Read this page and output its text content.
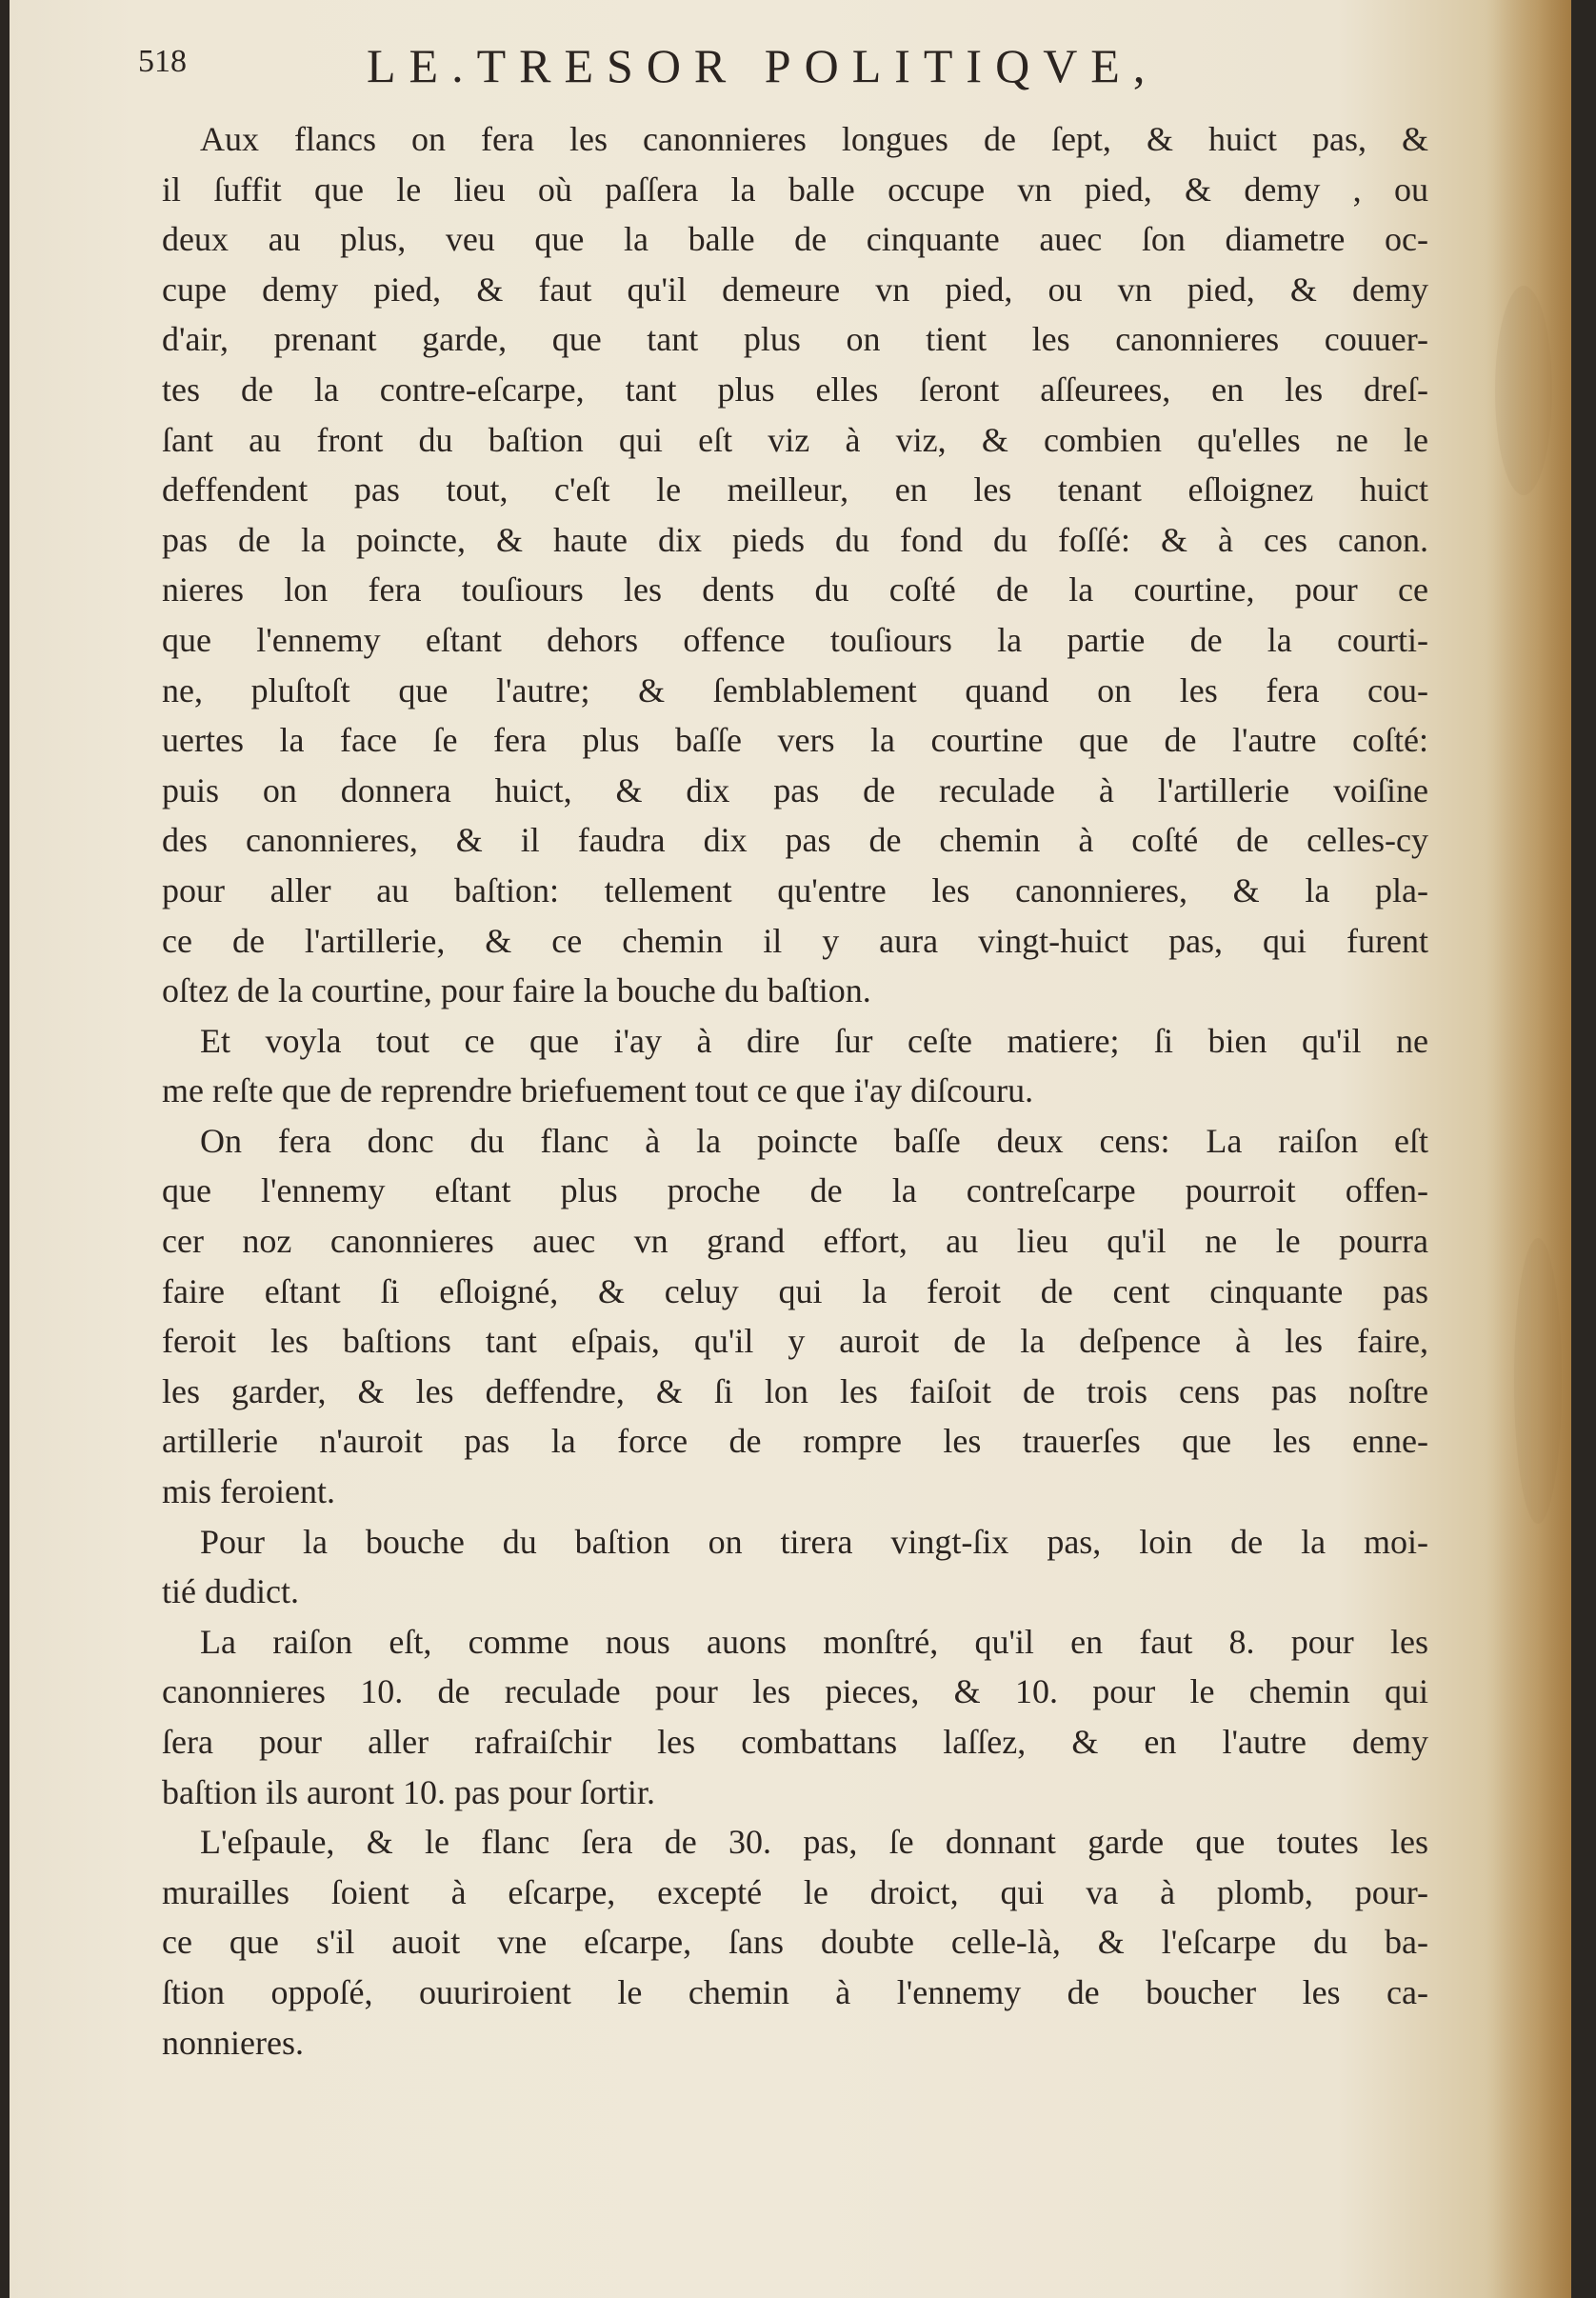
518	LE.TRESOR POLITIQVE,
Aux flancs on fera les canonnieres longues de ſept, & huict pas, &
il ſuffit que le lieu où paſſera la balle occupe vn pied, & demy , ou
deux au plus, veu que la balle de cinquante auec ſon diametre oc-
cupe demy pied, & faut qu'il demeure vn pied, ou vn pied, & demy
d'air, prenant garde, que tant plus on tient les canonnieres couuer-
tes de la contre-eſcarpe, tant plus elles ſeront aſſeurees, en les dreſ-
ſant au front du baſtion qui eſt viz à viz, & combien qu'elles ne le
deffendent pas tout, c'eſt le meilleur, en les tenant eſloignez huict
pas de la poincte, & haute dix pieds du fond du foſſé: & à ces canon.
nieres lon fera touſiours les dents du coſté de la courtine, pour ce
que l'ennemy eſtant dehors offence touſiours la partie de la courti-
ne, pluſtoſt que l'autre; & ſemblablement quand on les fera cou-
uertes la face ſe fera plus baſſe vers la courtine que de l'autre coſté:
puis on donnera huict, & dix pas de reculade à l'artillerie voiſine
des canonnieres, & il faudra dix pas de chemin à coſté de celles-cy
pour aller au baſtion: tellement qu'entre les canonnieres, & la pla-
ce de l'artillerie, & ce chemin il y aura vingt-huict pas, qui furent
oſtez de la courtine, pour faire la bouche du baſtion.
Et voyla tout ce que i'ay à dire ſur ceſte matiere; ſi bien qu'il ne
me reſte que de reprendre briefuement tout ce que i'ay diſcouru.
On fera donc du flanc à la poincte baſſe deux cens: La raiſon eſt
que l'ennemy eſtant plus proche de la contreſcarpe pourroit offen-
cer noz canonnieres auec vn grand effort, au lieu qu'il ne le pourra
faire eſtant ſi eſloigné, & celuy qui la feroit de cent cinquante pas
feroit les baſtions tant eſpais, qu'il y auroit de la deſpence à les faire,
les garder, & les deffendre, & ſi lon les faiſoit de trois cens pas noſtre
artillerie n'auroit pas la force de rompre les trauerſes que les enne-
mis feroient.
Pour la bouche du baſtion on tirera vingt-ſix pas, loin de la moi-
tié dudict.
La raiſon eſt, comme nous auons monſtré, qu'il en faut 8. pour les
canonnieres 10. de reculade pour les pieces, & 10. pour le chemin qui
ſera pour aller rafraiſchir les combattans laſſez, & en l'autre demy
baſtion ils auront 10. pas pour ſortir.
L'eſpaule, & le flanc ſera de 30. pas, ſe donnant garde que toutes les
murailles ſoient à eſcarpe, excepté le droict, qui va à plomb, pour-
ce que s'il auoit vne eſcarpe, ſans doubte celle-là, & l'eſcarpe du ba-
ſtion oppoſé, ouuriroient le chemin à l'ennemy de boucher les ca-
nonnieres.
